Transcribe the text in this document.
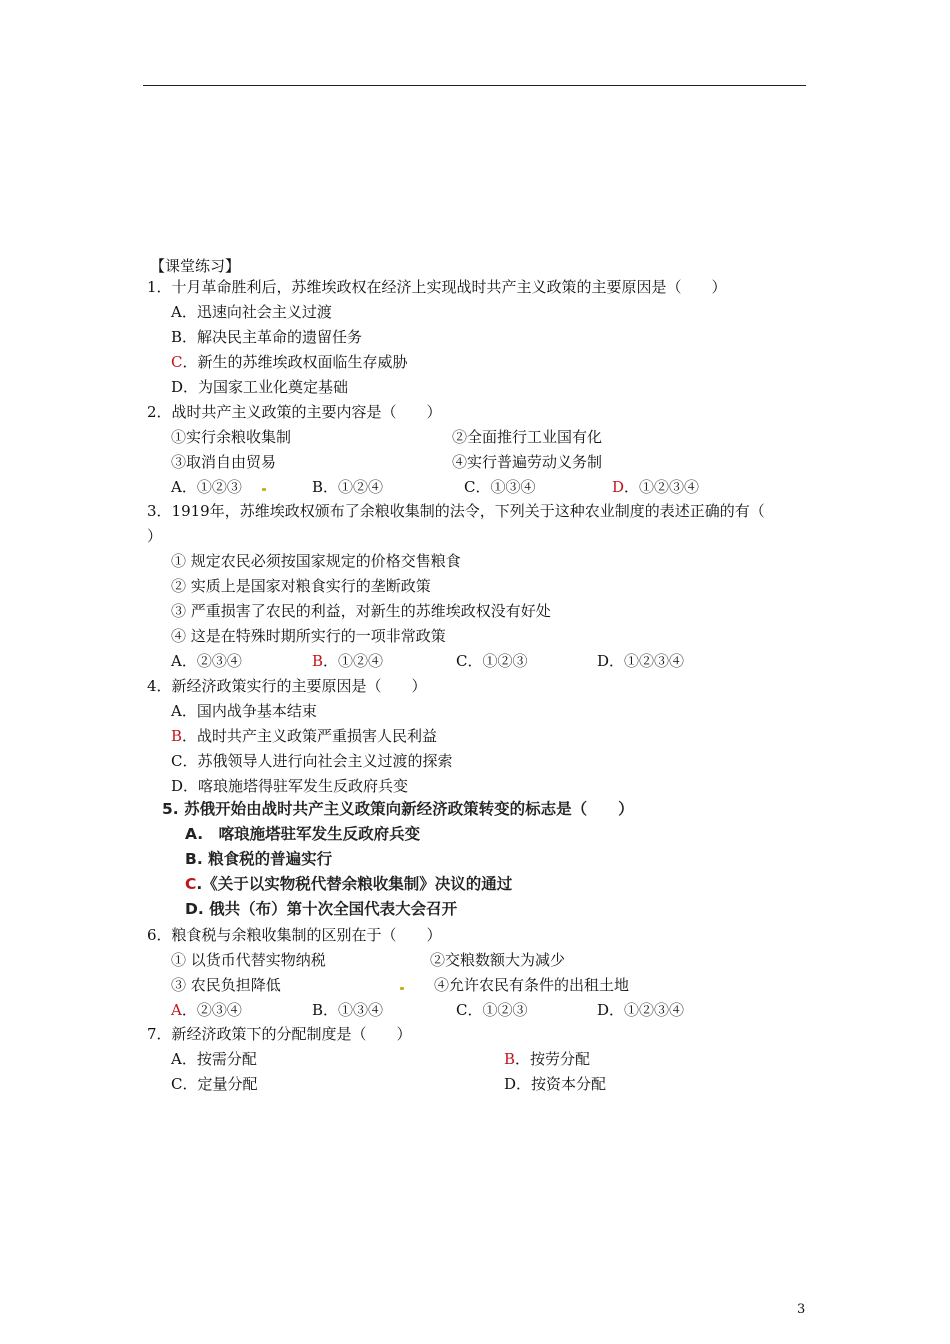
【课堂练习】
1．十月革命胜利后，苏维埃政权在经济上实现战时共产主义政策的主要原因是（　　）
A．迅速向社会主义过渡
B．解决民主革命的遗留任务
C．新生的苏维埃政权面临生存威胁
D．为国家工业化奠定基础
2．战时共产主义政策的主要内容是（　　）
①实行余粮收集制	②全面推行工业国有化
③取消自由贸易	④实行普遍劳动义务制
A．①②③	B．①②④	C．①③④	D．①②③④
3．1919年，苏维埃政权颁布了余粮收集制的法令，下列关于这种农业制度的表述正确的有（
）
① 规定农民必须按国家规定的价格交售粮食
② 实质上是国家对粮食实行的垄断政策
③ 严重损害了农民的利益，对新生的苏维埃政权没有好处
④ 这是在特殊时期所实行的一项非常政策
A．②③④	B．①②④	C．①②③	D．①②③④
4．新经济政策实行的主要原因是（　　）
A．国内战争基本结束
B．战时共产主义政策严重损害人民利益
C．苏俄领导人进行向社会主义过渡的探索
D．喀琅施塔得驻军发生反政府兵变
5. 苏俄开始由战时共产主义政策向新经济政策转变的标志是（　　）
A.　喀琅施塔驻军发生反政府兵变
B. 粮食税的普遍实行
C.《关于以实物税代替余粮收集制》决议的通过
D. 俄共（布）第十次全国代表大会召开
6．粮食税与余粮收集制的区别在于（　　）
① 以货币代替实物纳税	②交粮数额大为减少
③ 农民负担降低	④允许农民有条件的出租土地
A．②③④	B．①③④	C．①②③	D．①②③④
7．新经济政策下的分配制度是（　　）
A．按需分配	B．按劳分配
C．定量分配	D．按资本分配
3
